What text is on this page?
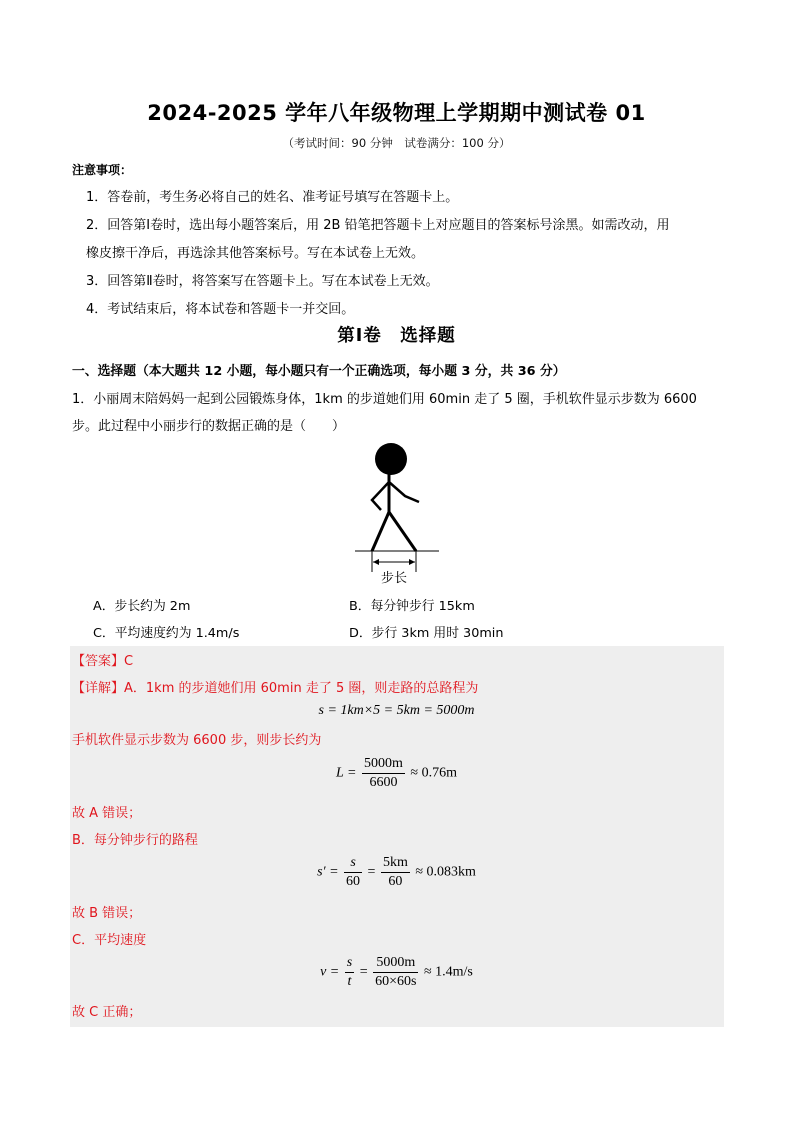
2024-2025 学年八年级物理上学期期中测试卷 01
（考试时间：90 分钟　试卷满分：100 分）
注意事项：

1．答卷前，考生务必将自己的姓名、准考证号填写在答题卡上。

2．回答第Ⅰ卷时，选出每小题答案后，用 2B 铅笔把答题卡上对应题目的答案标号涂黑。如需改动，用

橡皮擦干净后，再选涂其他答案标号。写在本试卷上无效。

3．回答第Ⅱ卷时，将答案写在答题卡上。写在本试卷上无效。

4．考试结束后，将本试卷和答题卡一并交回。

第Ⅰ卷　选择题
一、选择题（本大题共 12 小题，每小题只有一个正确选项，每小题 3 分，共 36 分）
1．小丽周末陪妈妈一起到公园锻炼身体，1km 的步道她们用 60min 走了 5 圈，手机软件显示步数为 6600
步。此过程中小丽步行的数据正确的是（　　）
步长
A．步长约为 2m	B．每分钟步行 15km
C．平均速度约为 1.4m/s	D．步行 3km 用时 30min
【答案】C
【详解】A．1km 的步道她们用 60min 走了 5 圈，则走路的总路程为
s = 1km×5 = 5km = 5000m
手机软件显示步数为 6600 步，则步长约为
$L = \frac{5000m}{6600} \approx 0.76m$
故 A 错误；
B．每分钟步行的路程
$s' = \frac{s}{60} = \frac{5km}{60} \approx 0.083km$
故 B 错误；
C．平均速度
$v = \frac{s}{t} = \frac{5000m}{60\times 60s} \approx 1.4m/s$
故 C 正确；
